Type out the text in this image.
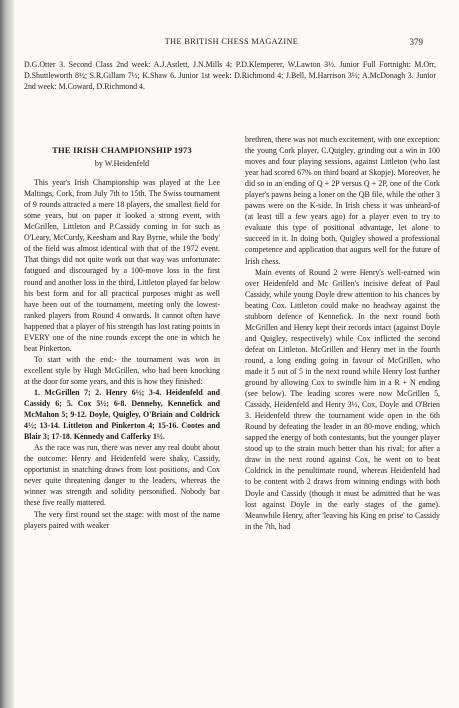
THE BRITISH CHESS MAGAZINE	379
D.G.Otter 3. Second Class 2nd week: A.J.Astlett, J.N.Mills 4; P.D.Klemperer, W.Lawton 3½. Junior Full Fortnight: M.Orr, D.Shuttleworth 8½; S.R.Gillam 7½; K.Shaw 6. Junior 1st week: D.Richmond 4; J.Bell, M.Harrison 3½; A.McDonagh 3. Junior 2nd week: M.Coward, D.Richmond 4.
THE IRISH CHAMPIONSHIP 1973
by W.Heidenfeld

This year's Irish Championship was played at the Lee Maltings, Cork, from July 7th to 15th. The Swiss tournament of 9 rounds attracted a mere 18 players, the smallest field for some years, but on paper it looked a strong event, with McGrillen, Littleton and P.Cassidy coming in for such as O'Leary, McCurdy, Keesham and Ray Byrne, while the 'body' of the field was almost identical with that of the 1972 event. That things did not quite work out that way was unfortunate: fatigued and discouraged by a 100-move loss in the first round and another loss in the third, Littleton played far below his best form and for all practical purposes might as well have been out of the tournament, meeting only the lowest-ranked players from Round 4 onwards. It cannot often have happened that a player of his strength has lost rating points in EVERY one of the nine rounds except the one in which he beat Pinkerton.

To start with the end:- the tournament was won in excellent style by Hugh McGrillen, who had been knocking at the door for some years, and this is how they finished:

1. McGrillen 7; 2. Henry 6½; 3-4. Heidenfeld and Cassidy 6; 5. Cox 5½; 6-8. Dennehy, Kennefick and McMahon 5; 9-12. Doyle, Quigley, O'Briain and Coldrick 4½; 13-14. Littleton and Pinkerton 4; 15-16. Cootes and Blair 3; 17-18. Kennedy and Cafferky 1½.

As the race was run, there was never any real doubt about the outcome: Henry and Heidenfeld were shaky, Cassidy, opportunist in snatching draws from lost positions, and Cox never quite threatening danger to the leaders, whereas the winner was strength and solidity personified. Nobody bar these five really mattered.

The very first round set the stage: with most of the name players paired with weaker

brethren, there was not much excitement, with one exception: the young Cork player, C.Quigley, grinding out a win in 100 moves and four playing sessions, against Littleton (who last year had scored 67% on third board at Skopje). Moreover, he did so in an ending of Q + 2P versus Q + 2P, one of the Cork player's pawns being a loner on the QB file, while the other 3 pawns were on the K-side. In Irish chess it was unheard-of (at least till a few years ago) for a player even to try to evaluate this type of positional advantage, let alone to succeed in it. In doing both, Quigley showed a professional competence and application that augurs well for the future of Irish chess.

Main events of Round 2 were Henry's well-earned win over Heidenfeld and Mc Grillen's incisive defeat of Paul Cassidy, while young Doyle drew attention to his chances by beating Cox. Littleton could make no headway against the stubborn defence of Kennefick. In the next round both McGrillen and Henry kept their records intact (against Doyle and Quigley, respectively) while Cox inflicted the second defeat on Littleton. McGrillen and Henry met in the fourth round, a long ending going in favour of McGrillen, who made it 5 out of 5 in the next round while Henry lost further ground by allowing Cox to swindle him in a R + N ending (see below). The leading scores were now McGrillen 5, Cassidy, Heidenfeld and Henry 3½, Cox, Doyle and O'Brien 3. Heidenfeld threw the tournament wide open in the 6th Round by defeating the leader in an 80-move ending, which sapped the energy of both contestants, but the younger player stood up to the strain much better than his rival; for after a draw in the next round against Cox, he went on to beat Coldrick in the penultimate round, whereas Heidenfeld had to be content with 2 draws from winning endings with both Doyle and Cassidy (though it must be admitted that he was lost against Doyle in the early stages of the game). Meanwhile Henry, after 'leaving his King en prise' to Cassidy in the 7th, had
